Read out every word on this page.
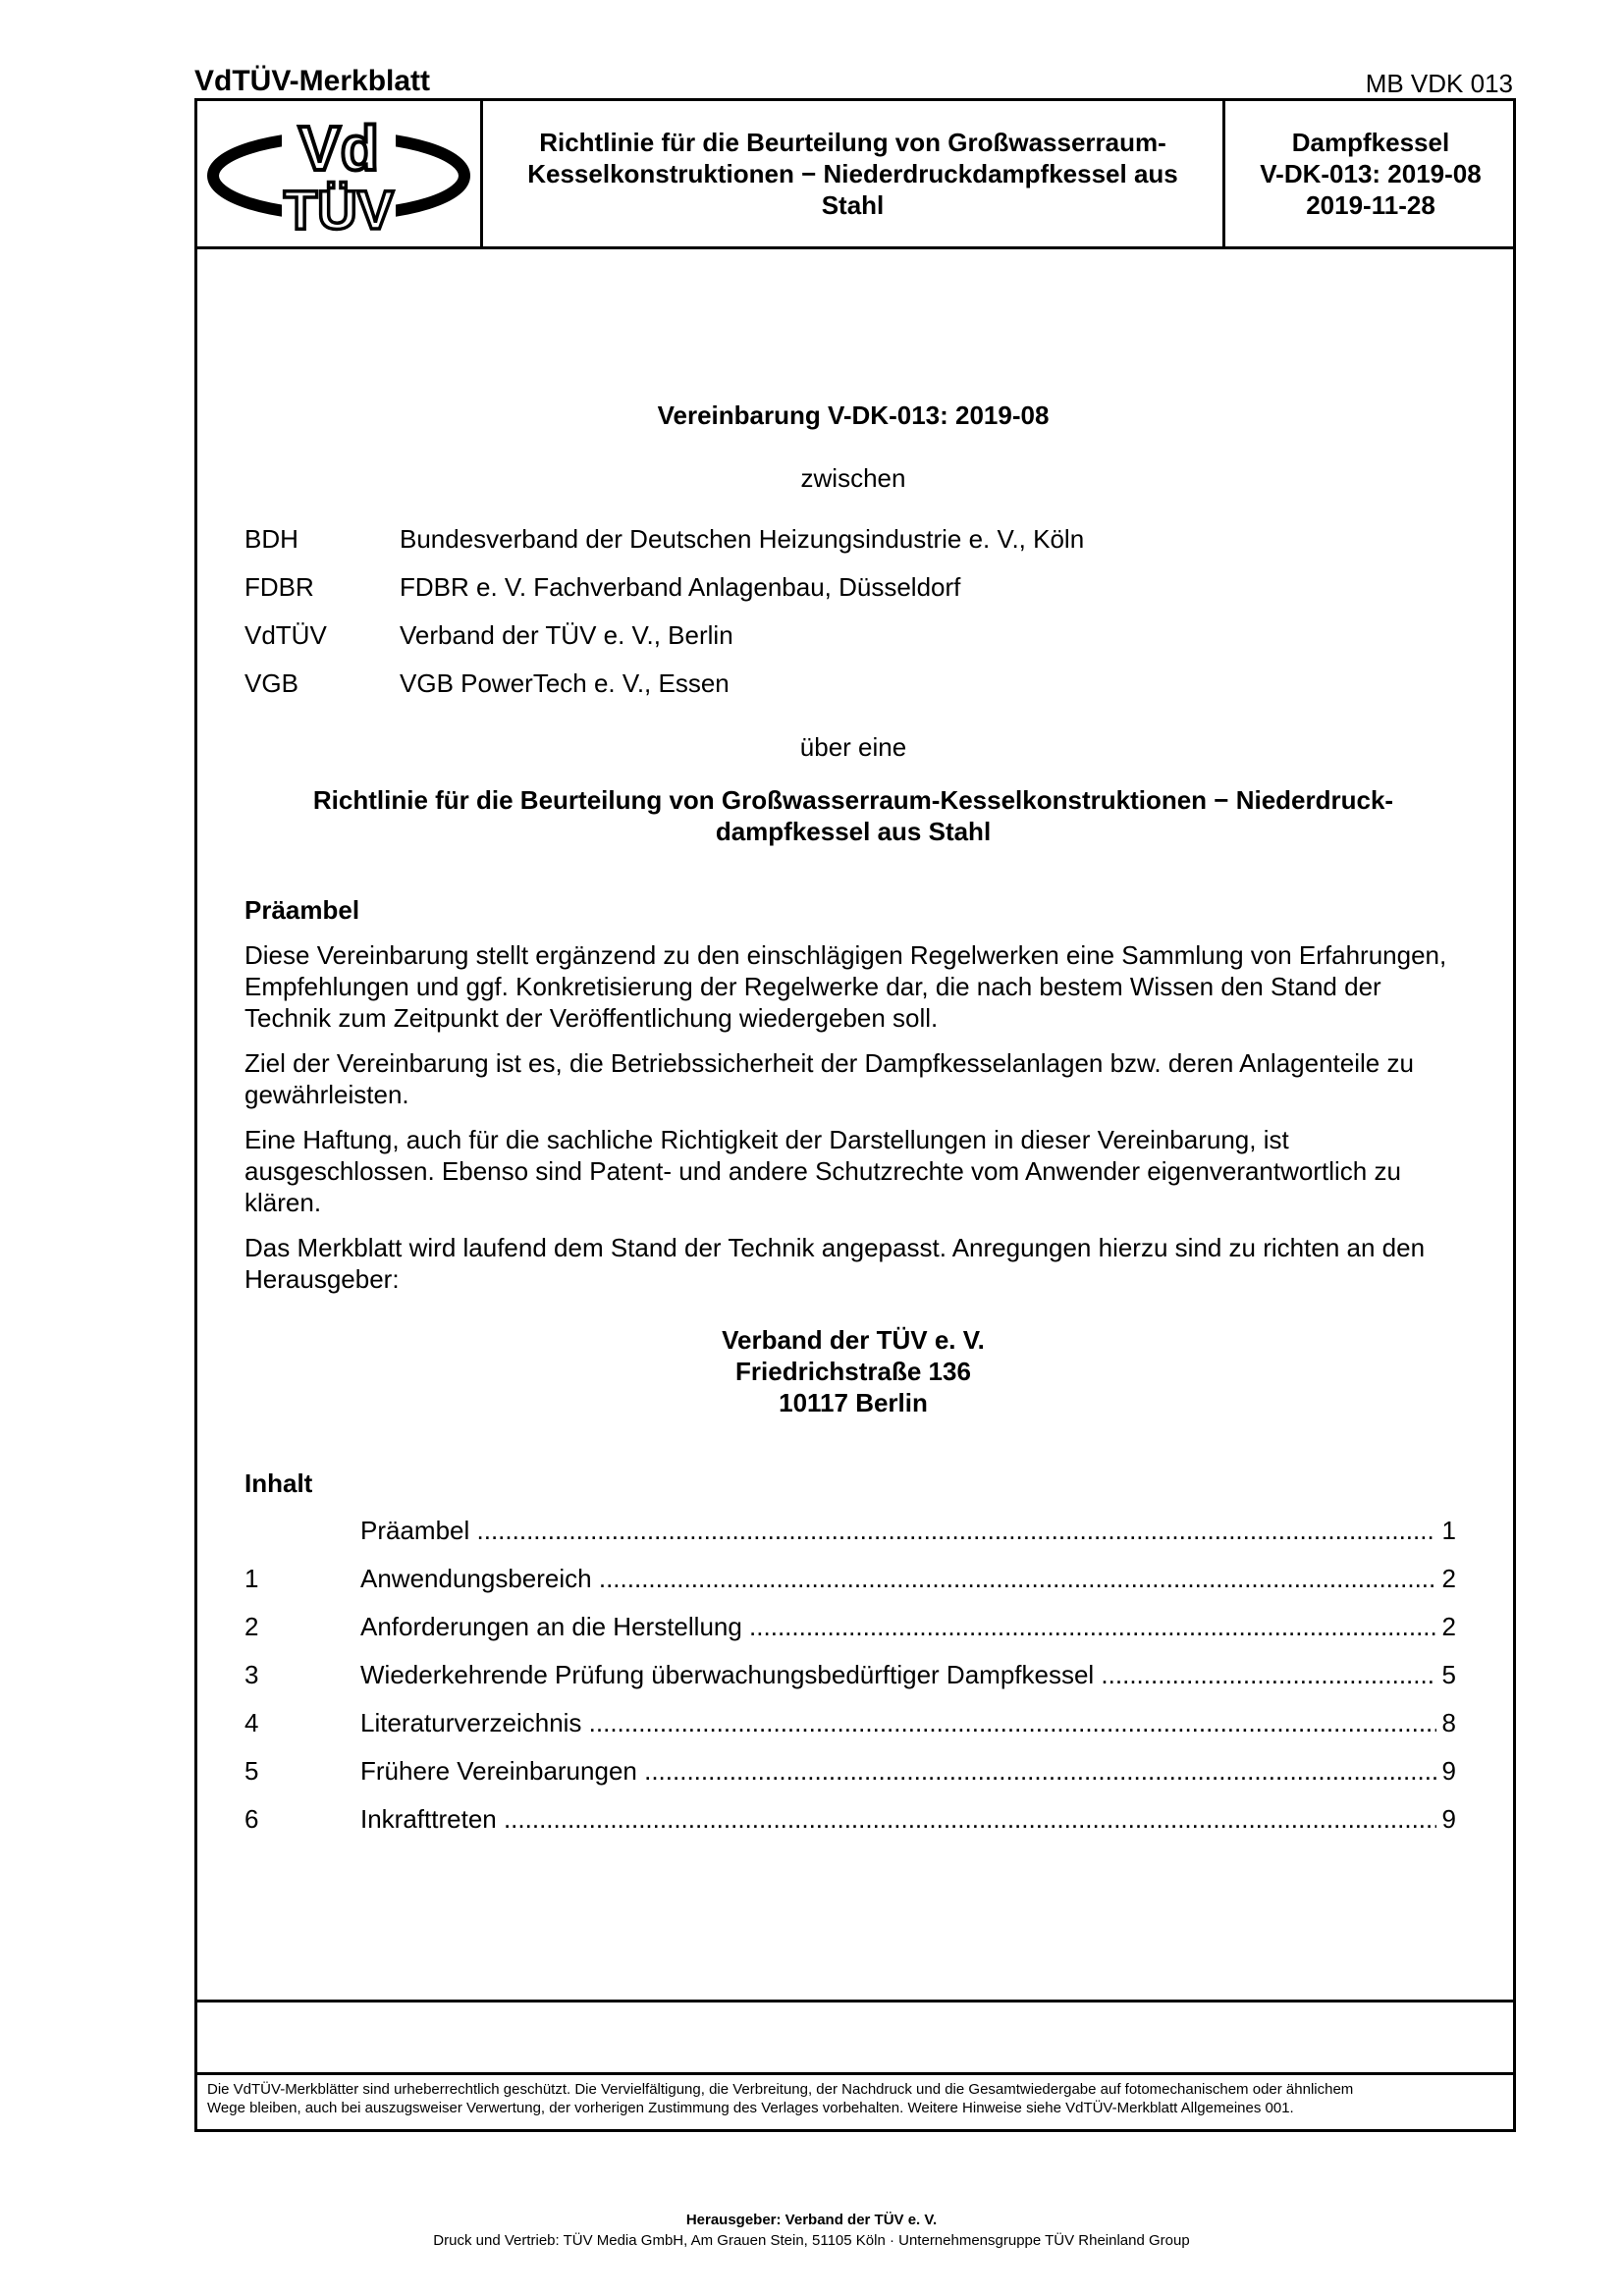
VdTÜV-Merkblatt	MB VDK 013
Vd
TÜV
Richtlinie für die Beurteilung von Großwasserraum-Kesselkonstruktionen − Niederdruckdampfkessel aus Stahl
Dampfkessel
V-DK-013: 2019-08
2019-11-28
Vereinbarung V-DK-013: 2019-08
zwischen
BDH	Bundesverband der Deutschen Heizungsindustrie e. V., Köln
FDBR	FDBR e. V. Fachverband Anlagenbau, Düsseldorf
VdTÜV	Verband der TÜV e. V., Berlin
VGB	VGB PowerTech e. V., Essen
über eine
Richtlinie für die Beurteilung von Großwasserraum-Kesselkonstruktionen − Niederdruck-
dampfkessel aus Stahl
Präambel

Diese Vereinbarung stellt ergänzend zu den einschlägigen Regelwerken eine Sammlung von Erfahrungen, Empfehlungen und ggf. Konkretisierung der Regelwerke dar, die nach bestem Wissen den Stand der Technik zum Zeitpunkt der Veröffentlichung wiedergeben soll.

Ziel der Vereinbarung ist es, die Betriebssicherheit der Dampfkesselanlagen bzw. deren Anlagenteile zu gewährleisten.

Eine Haftung, auch für die sachliche Richtigkeit der Darstellungen in dieser Vereinbarung, ist ausgeschlossen. Ebenso sind Patent- und andere Schutzrechte vom Anwender eigenverantwortlich zu klären.

Das Merkblatt wird laufend dem Stand der Technik angepasst. Anregungen hierzu sind zu richten an den Herausgeber:

Verband der TÜV e. V.
Friedrichstraße 136
10117 Berlin
Inhalt
Präambel .....	1
1	Anwendungsbereich .....	2
2	Anforderungen an die Herstellung .....	2
3	Wiederkehrende Prüfung überwachungsbedürftiger Dampfkessel .....	5
4	Literaturverzeichnis .....	8
5	Frühere Vereinbarungen .....	9
6	Inkrafttreten .....	9
Die VdTÜV-Merkblätter sind urheberrechtlich geschützt. Die Vervielfältigung, die Verbreitung, der Nachdruck und die Gesamtwiedergabe auf fotomechanischem oder ähnlichem
Wege bleiben, auch bei auszugsweiser Verwertung, der vorherigen Zustimmung des Verlages vorbehalten. Weitere Hinweise siehe VdTÜV-Merkblatt Allgemeines 001.
Herausgeber: Verband der TÜV e. V.
Druck und Vertrieb: TÜV Media GmbH, Am Grauen Stein, 51105 Köln · Unternehmensgruppe TÜV Rheinland Group
